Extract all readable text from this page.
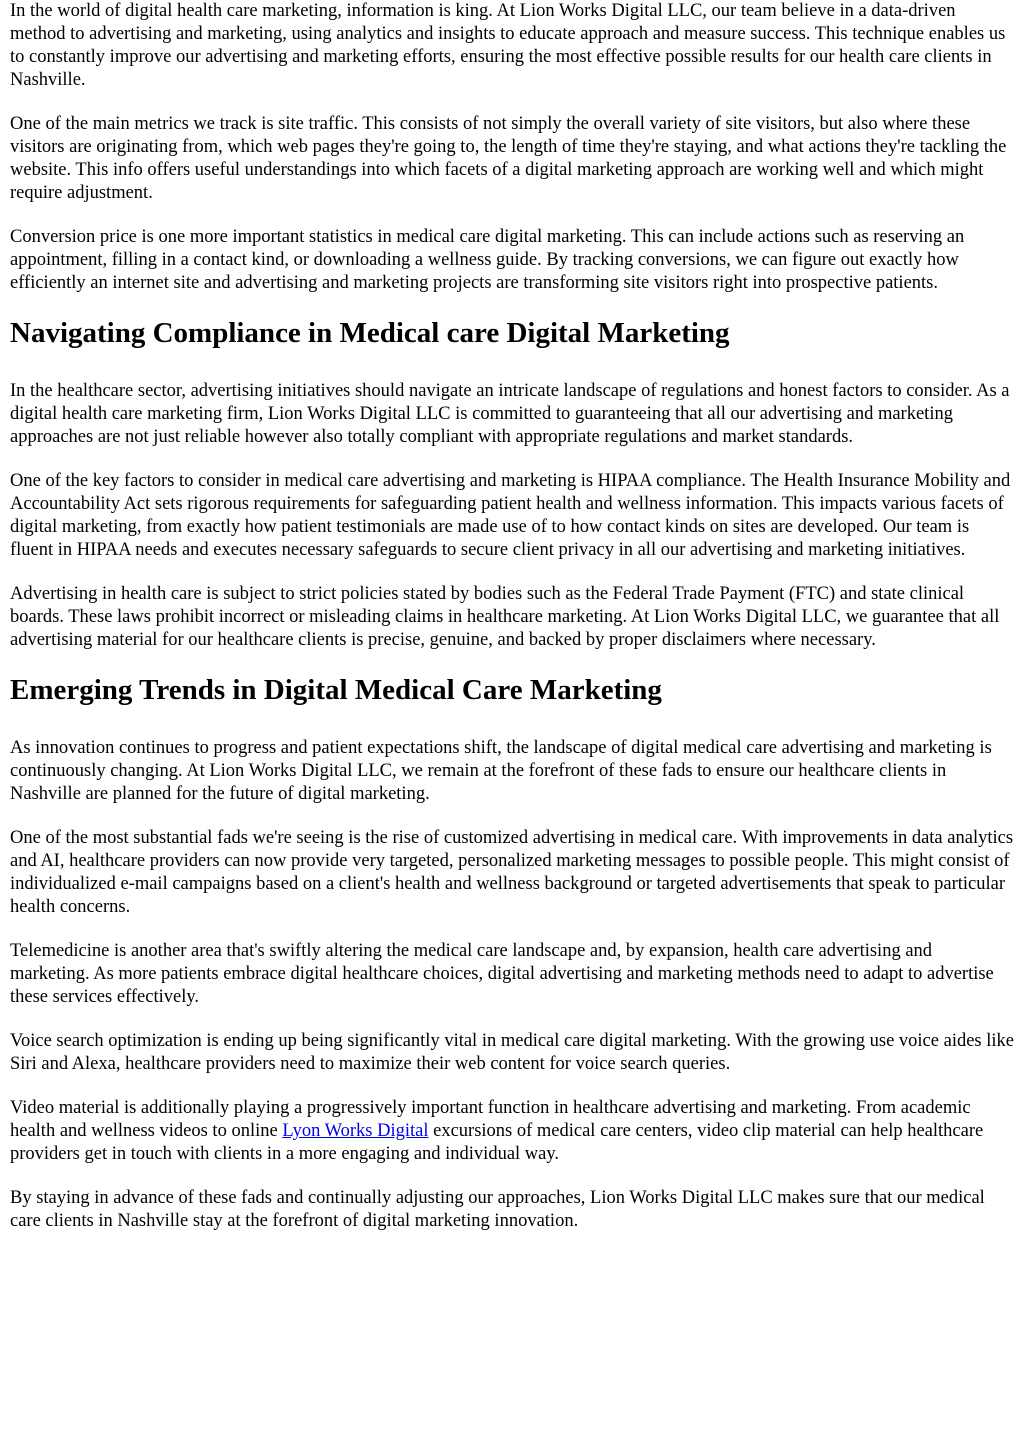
In the world of digital health care marketing, information is king. At Lion Works Digital LLC, our team believe in a data-driven method to advertising and marketing, using analytics and insights to educate approach and measure success. This technique enables us to constantly improve our advertising and marketing efforts, ensuring the most effective possible results for our health care clients in Nashville.

One of the main metrics we track is site traffic. This consists of not simply the overall variety of site visitors, but also where these visitors are originating from, which web pages they're going to, the length of time they're staying, and what actions they're tackling the website. This info offers useful understandings into which facets of a digital marketing approach are working well and which might require adjustment.

Conversion price is one more important statistics in medical care digital marketing. This can include actions such as reserving an appointment, filling in a contact kind, or downloading a wellness guide. By tracking conversions, we can figure out exactly how efficiently an internet site and advertising and marketing projects are transforming site visitors right into prospective patients.

Navigating Compliance in Medical care Digital Marketing

In the healthcare sector, advertising initiatives should navigate an intricate landscape of regulations and honest factors to consider. As a digital health care marketing firm, Lion Works Digital LLC is committed to guaranteeing that all our advertising and marketing approaches are not just reliable however also totally compliant with appropriate regulations and market standards.

One of the key factors to consider in medical care advertising and marketing is HIPAA compliance. The Health Insurance Mobility and Accountability Act sets rigorous requirements for safeguarding patient health and wellness information. This impacts various facets of digital marketing, from exactly how patient testimonials are made use of to how contact kinds on sites are developed. Our team is fluent in HIPAA needs and executes necessary safeguards to secure client privacy in all our advertising and marketing initiatives.

Advertising in health care is subject to strict policies stated by bodies such as the Federal Trade Payment (FTC) and state clinical boards. These laws prohibit incorrect or misleading claims in healthcare marketing. At Lion Works Digital LLC, we guarantee that all advertising material for our healthcare clients is precise, genuine, and backed by proper disclaimers where necessary.

Emerging Trends in Digital Medical Care Marketing

As innovation continues to progress and patient expectations shift, the landscape of digital medical care advertising and marketing is continuously changing. At Lion Works Digital LLC, we remain at the forefront of these fads to ensure our healthcare clients in Nashville are planned for the future of digital marketing.

One of the most substantial fads we're seeing is the rise of customized advertising in medical care. With improvements in data analytics and AI, healthcare providers can now provide very targeted, personalized marketing messages to possible people. This might consist of individualized e-mail campaigns based on a client's health and wellness background or targeted advertisements that speak to particular health concerns.

Telemedicine is another area that's swiftly altering the medical care landscape and, by expansion, health care advertising and marketing. As more patients embrace digital healthcare choices, digital advertising and marketing methods need to adapt to advertise these services effectively.

Voice search optimization is ending up being significantly vital in medical care digital marketing. With the growing use voice aides like Siri and Alexa, healthcare providers need to maximize their web content for voice search queries.

Video material is additionally playing a progressively important function in healthcare advertising and marketing. From academic health and wellness videos to online Lyon Works Digital excursions of medical care centers, video clip material can help healthcare providers get in touch with clients in a more engaging and individual way.

By staying in advance of these fads and continually adjusting our approaches, Lion Works Digital LLC makes sure that our medical care clients in Nashville stay at the forefront of digital marketing innovation.
